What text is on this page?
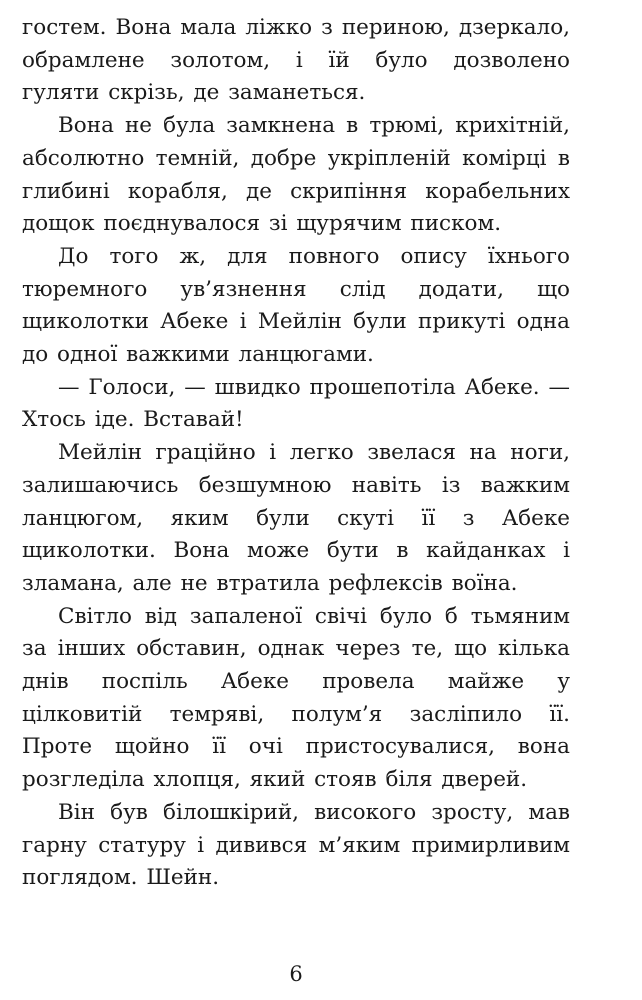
гостем. Вона мала ліжко з периною, дзеркало, обрамлене золотом, і їй було дозволено гуляти скрізь, де заманеться.

Вона не була замкнена в трюмі, крихітній, абсолютно темній, добре укріпленій комірці в глибині корабля, де скрипіння корабельних дощок поєднувалося зі щурячим писком.

До того ж, для повного опису їхнього тюремного ув’язнення слід додати, що щиколотки Абеке і Мейлін були прикуті одна до одної важкими ланцюгами.

— Голоси, — швидко прошепотіла Абеке. — Хтось іде. Вставай!

Мейлін граційно і легко звелася на ноги, залишаючись безшумною навіть із важким ланцюгом, яким були скуті її з Абеке щиколотки. Вона може бути в кайданках і зламана, але не втратила рефлексів воїна.

Світло від запаленої свічі було б тьмяним за інших обставин, однак через те, що кілька днів поспіль Абеке провела майже у цілковитій темряві, полум’я засліпило її. Проте щойно її очі пристосувалися, вона розгледіла хлопця, який стояв біля дверей.

Він був білошкірий, високого зросту, мав гарну статуру і дивився м’яким примирливим поглядом. Шейн.

6
